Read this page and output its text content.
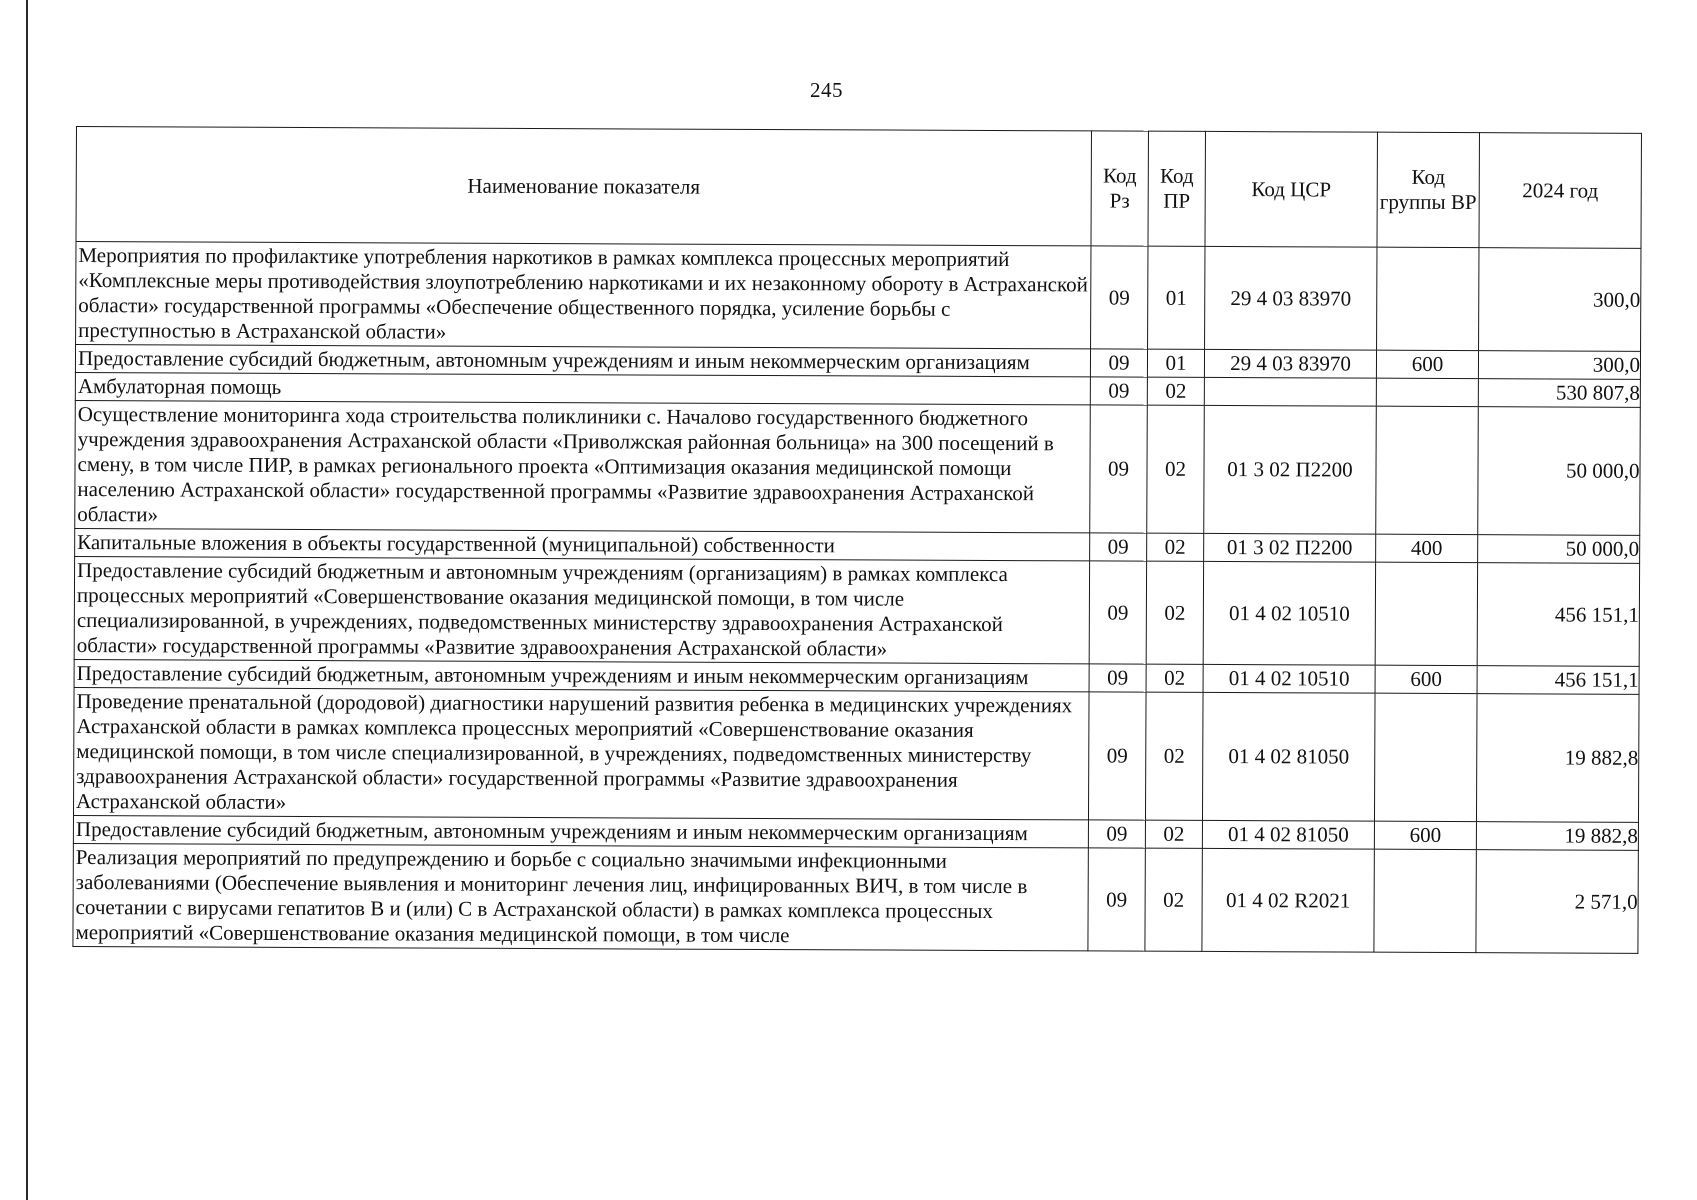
245
Наименование показателя	Код Рз	Код ПР	Код ЦСР	Код группы ВР	2024 год
Мероприятия по профилактике употребления наркотиков в рамках комплекса процессных мероприятий «Комплексные меры противодействия злоупотреблению наркотиками и их незаконному обороту в Астраханской области» государственной программы «Обеспечение общественного порядка, усиление борьбы с преступностью в Астраханской области»	09	01	29 4 03 83970		300,0
Предоставление субсидий бюджетным, автономным учреждениям и иным некоммерческим организациям	09	01	29 4 03 83970	600	300,0
Амбулаторная помощь	09	02			530 807,8
Осуществление мониторинга хода строительства поликлиники с. Началово государственного бюджетного учреждения здравоохранения Астраханской области «Приволжская районная больница» на 300 посещений в смену, в том числе ПИР, в рамках регионального проекта «Оптимизация оказания медицинской помощи населению Астраханской области» государственной программы «Развитие здравоохранения Астраханской области»	09	02	01 3 02 П2200		50 000,0
Капитальные вложения в объекты государственной (муниципальной) собственности	09	02	01 3 02 П2200	400	50 000,0
Предоставление субсидий бюджетным и автономным учреждениям (организациям) в рамках комплекса процессных мероприятий «Совершенствование оказания медицинской помощи, в том числе специализированной, в учреждениях, подведомственных министерству здравоохранения Астраханской области» государственной программы «Развитие здравоохранения Астраханской области»	09	02	01 4 02 10510		456 151,1
Предоставление субсидий бюджетным, автономным учреждениям и иным некоммерческим организациям	09	02	01 4 02 10510	600	456 151,1
Проведение пренатальной (дородовой) диагностики нарушений развития ребенка в медицинских учреждениях Астраханской области в рамках комплекса процессных мероприятий «Совершенствование оказания медицинской помощи, в том числе специализированной, в учреждениях, подведомственных министерству здравоохранения Астраханской области» государственной программы «Развитие здравоохранения Астраханской области»	09	02	01 4 02 81050		19 882,8
Предоставление субсидий бюджетным, автономным учреждениям и иным некоммерческим организациям	09	02	01 4 02 81050	600	19 882,8
Реализация мероприятий по предупреждению и борьбе с социально значимыми инфекционными заболеваниями (Обеспечение выявления и мониторинг лечения лиц, инфицированных ВИЧ, в том числе в сочетании с вирусами гепатитов В и (или) С в Астраханской области) в рамках комплекса процессных мероприятий «Совершенствование оказания медицинской помощи, в том числе	09	02	01 4 02 R2021		2 571,0
